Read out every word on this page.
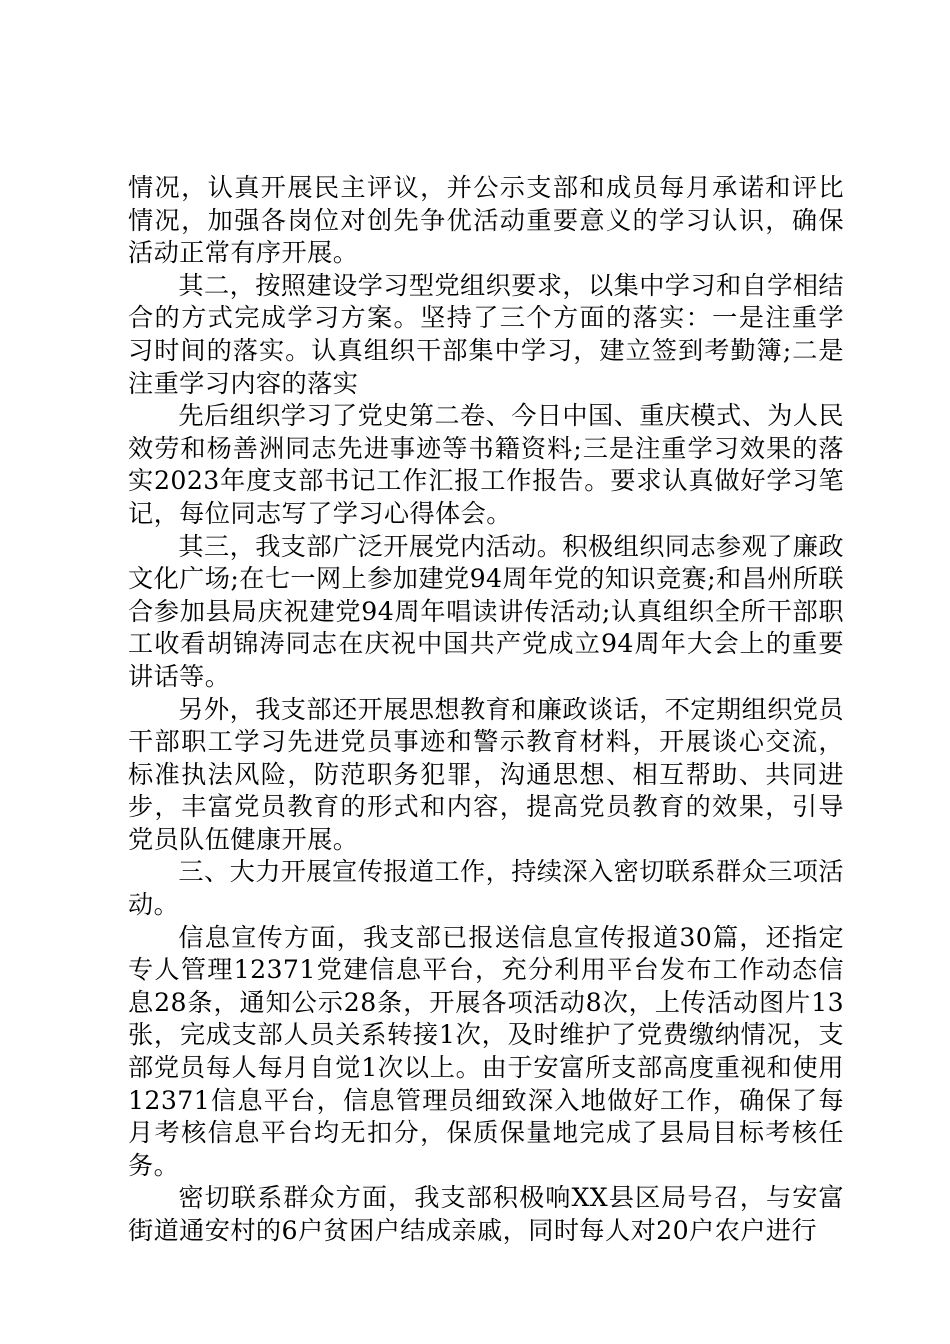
情况，认真开展民主评议，并公示支部和成员每月承诺和评比情况，加强各岗位对创先争优活动重要意义的学习认识，确保活动正常有序开展。

其二，按照建设学习型党组织要求，以集中学习和自学相结合的方式完成学习方案。坚持了三个方面的落实：一是注重学习时间的落实。认真组织干部集中学习，建立签到考勤簿;二是注重学习内容的落实

先后组织学习了党史第二卷、今日中国、重庆模式、为人民效劳和杨善洲同志先进事迹等书籍资料;三是注重学习效果的落实2023年度支部书记工作汇报工作报告。要求认真做好学习笔记，每位同志写了学习心得体会。

其三，我支部广泛开展党内活动。积极组织同志参观了廉政文化广场;在七一网上参加建党94周年党的知识竞赛;和昌州所联合参加县局庆祝建党94周年唱读讲传活动;认真组织全所干部职工收看胡锦涛同志在庆祝中国共产党成立94周年大会上的重要讲话等。

另外，我支部还开展思想教育和廉政谈话，不定期组织党员干部职工学习先进党员事迹和警示教育材料，开展谈心交流，标准执法风险，防范职务犯罪，沟通思想、相互帮助、共同进步，丰富党员教育的形式和内容，提高党员教育的效果，引导党员队伍健康开展。

三、大力开展宣传报道工作，持续深入密切联系群众三项活动。

信息宣传方面，我支部已报送信息宣传报道30篇，还指定专人管理12371党建信息平台，充分利用平台发布工作动态信息28条，通知公示28条，开展各项活动8次，上传活动图片13张，完成支部人员关系转接1次，及时维护了党费缴纳情况，支部党员每人每月自觉1次以上。由于安富所支部高度重视和使用12371信息平台，信息管理员细致深入地做好工作，确保了每月考核信息平台均无扣分，保质保量地完成了县局目标考核任务。

密切联系群众方面，我支部积极响XX县区局号召，与安富街道通安村的6户贫困户结成亲戚，同时每人对20户农户进行
